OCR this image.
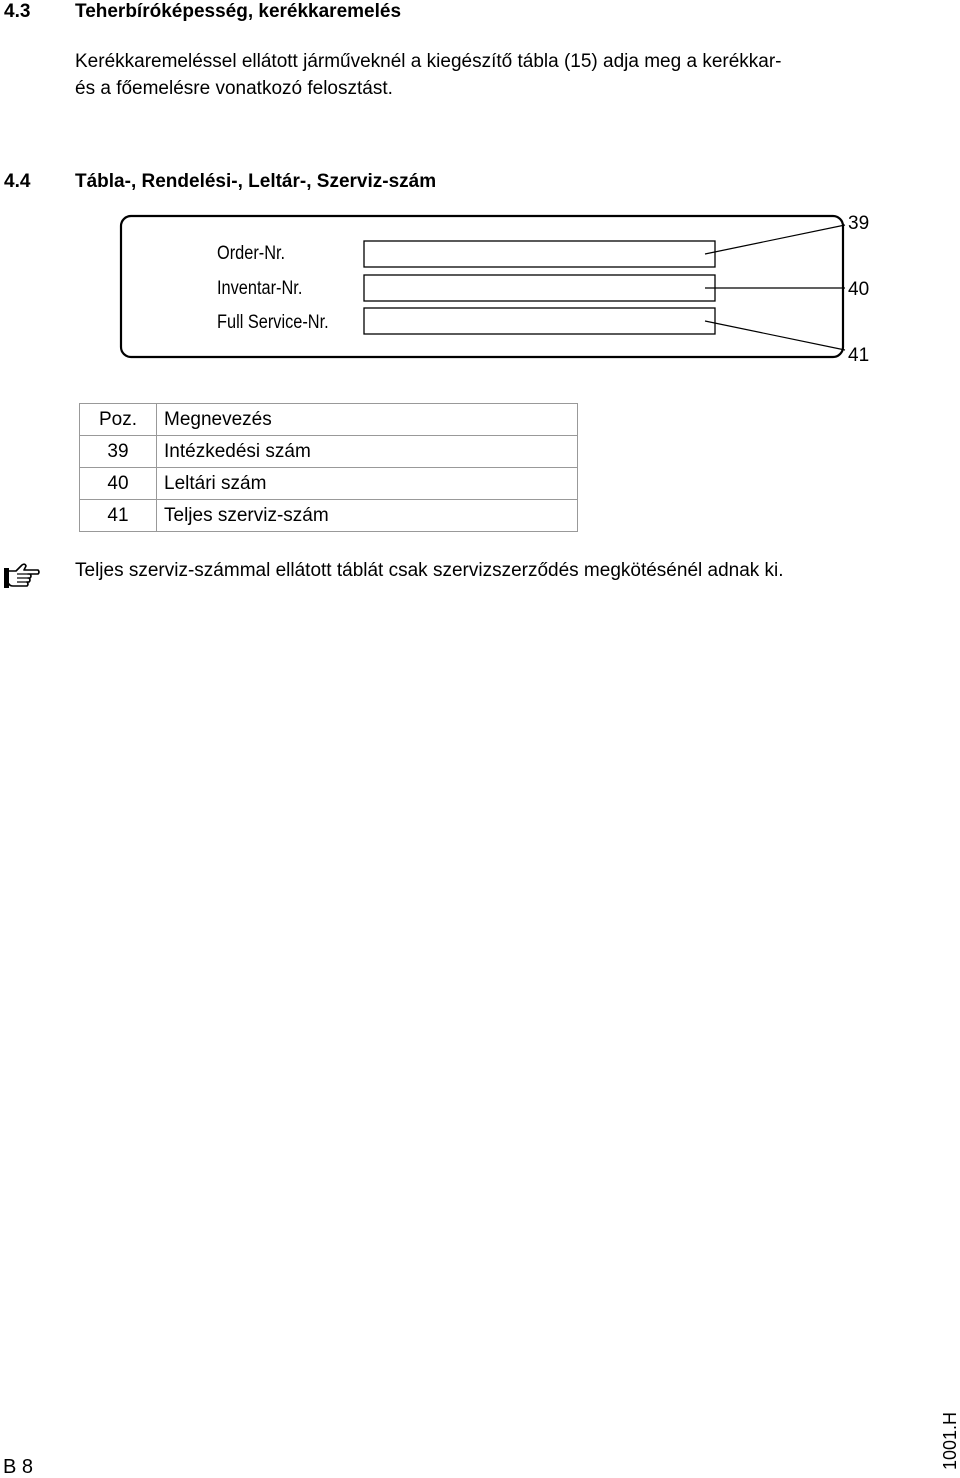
4.3 Teherbíróképesség, kerékkaremelés
Kerékkaremeléssel ellátott járműveknél a kiegészítő tábla (15) adja meg a kerékkar-
és a főemelésre vonatkozó felosztást.
4.4 Tábla-, Rendelési-, Leltár-, Szerviz-szám
Order-Nr.
Inventar-Nr.
Full Service-Nr.
39
40
41
Poz.	Megnevezés
39	Intézkedési szám
40	Leltári szám
41	Teljes szerviz-szám
Teljes szerviz-számmal ellátott táblát csak szervizszerződés megkötésénél adnak ki.
B 8	1001.H
